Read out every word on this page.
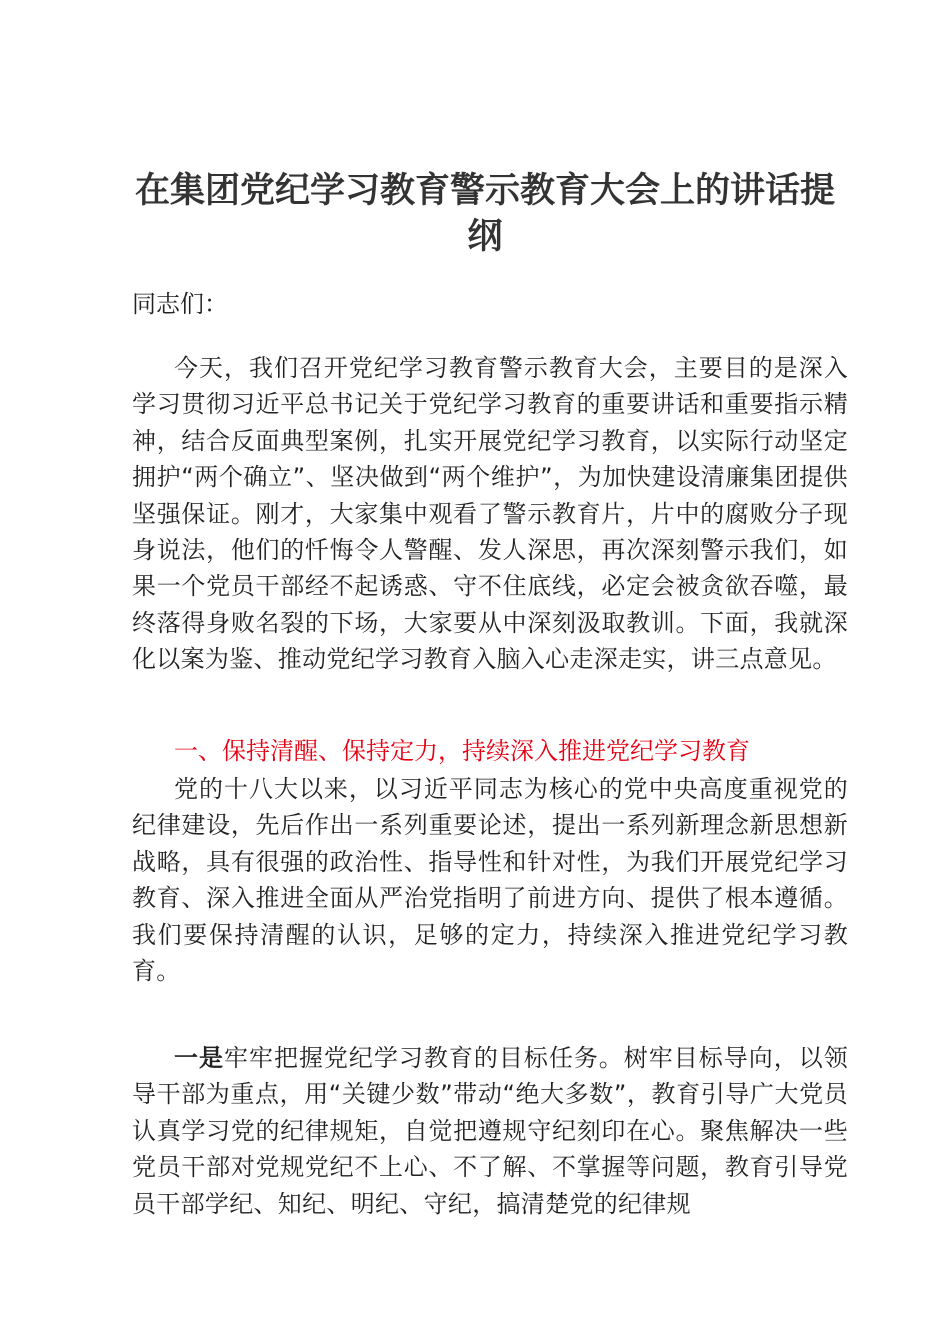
在集团党纪学习教育警示教育大会上的讲话提纲

同志们：

今天，我们召开党纪学习教育警示教育大会，主要目的是深入学习贯彻习近平总书记关于党纪学习教育的重要讲话和重要指示精神，结合反面典型案例，扎实开展党纪学习教育，以实际行动坚定拥护“两个确立”、坚决做到“两个维护”，为加快建设清廉集团提供坚强保证。刚才，大家集中观看了警示教育片，片中的腐败分子现身说法，他们的忏悔令人警醒、发人深思，再次深刻警示我们，如果一个党员干部经不起诱惑、守不住底线，必定会被贪欲吞噬，最终落得身败名裂的下场，大家要从中深刻汲取教训。下面，我就深化以案为鉴、推动党纪学习教育入脑入心走深走实，讲三点意见。

一、保持清醒、保持定力，持续深入推进党纪学习教育

党的十八大以来，以习近平同志为核心的党中央高度重视党的纪律建设，先后作出一系列重要论述，提出一系列新理念新思想新战略，具有很强的政治性、指导性和针对性，为我们开展党纪学习教育、深入推进全面从严治党指明了前进方向、提供了根本遵循。我们要保持清醒的认识，足够的定力，持续深入推进党纪学习教育。

一是牢牢把握党纪学习教育的目标任务。树牢目标导向，以领导干部为重点，用“关键少数”带动“绝大多数”，教育引导广大党员认真学习党的纪律规矩，自觉把遵规守纪刻印在心。聚焦解决一些党员干部对党规党纪不上心、不了解、不掌握等问题，教育引导党员干部学纪、知纪、明纪、守纪，搞清楚党的纪律规
